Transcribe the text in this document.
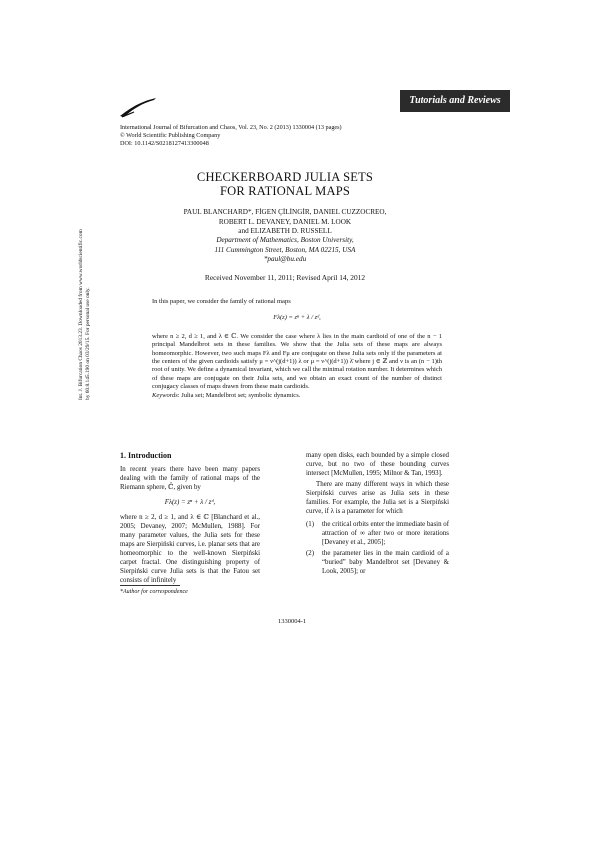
Tutorials and Reviews
International Journal of Bifurcation and Chaos, Vol. 23, No. 2 (2013) 1330004 (13 pages)
© World Scientific Publishing Company
DOI: 10.1142/S0218127413300048
Int. J. Bifurcation Chaos 2013.23. Downloaded from www.worldscientific.com by 60.8.145.190 on 03/29/15. For personal use only.
CHECKERBOARD JULIA SETS
FOR RATIONAL MAPS
PAUL BLANCHARD*, FİGEN ÇİLİNGİR, DANIEL CUZZOCREO,
ROBERT L. DEVANEY, DANIEL M. LOOK
and ELIZABETH D. RUSSELL
Department of Mathematics, Boston University,
111 Cummington Street, Boston, MA 02215, USA
*paul@bu.edu
Received November 11, 2011; Revised April 14, 2012

In this paper, we consider the family of rational maps

Fλ(z) = zⁿ + λ / zᵈ,

where n ≥ 2, d ≥ 1, and λ ∈ ℂ. We consider the case where λ lies in the main cardioid of one of the n − 1 principal Mandelbrot sets in these families. We show that the Julia sets of these maps are always homeomorphic. However, two such maps Fλ and Fμ are conjugate on these Julia sets only if the parameters at the centers of the given cardioids satisfy μ = ν^(j(d+1)) λ or μ = ν^(j(d+1)) λ̄ where j ∈ ℤ and ν is an (n − 1)th root of unity. We define a dynamical invariant, which we call the minimal rotation number. It determines which of these maps are conjugate on their Julia sets, and we obtain an exact count of the number of distinct conjugacy classes of maps drawn from these main cardioids.

Keywords: Julia set; Mandelbrot set; symbolic dynamics.

1. Introduction

In recent years there have been many papers dealing with the family of rational maps of the Riemann sphere, ℂ̂, given by

Fλ(z) = zⁿ + λ / zᵈ,

where n ≥ 2, d ≥ 1, and λ ∈ ℂ [Blanchard et al., 2005; Devaney, 2007; McMullen, 1988]. For many parameter values, the Julia sets for these maps are Sierpiński curves, i.e. planar sets that are homeomorphic to the well-known Sierpiński carpet fractal. One distinguishing property of Sierpiński curve Julia sets is that the Fatou set consists of infinitely

many open disks, each bounded by a simple closed curve, but no two of these bounding curves intersect [McMullen, 1995; Milnor & Tan, 1993].

There are many different ways in which these Sierpiński curves arise as Julia sets in these families. For example, the Julia set is a Sierpiński curve, if λ is a parameter for which

(1) the critical orbits enter the immediate basin of attraction of ∞ after two or more iterations [Devaney et al., 2005];
(2) the parameter lies in the main cardioid of a “buried” baby Mandelbrot set [Devaney & Look, 2005]; or
*Author for correspondence
1330004-1
